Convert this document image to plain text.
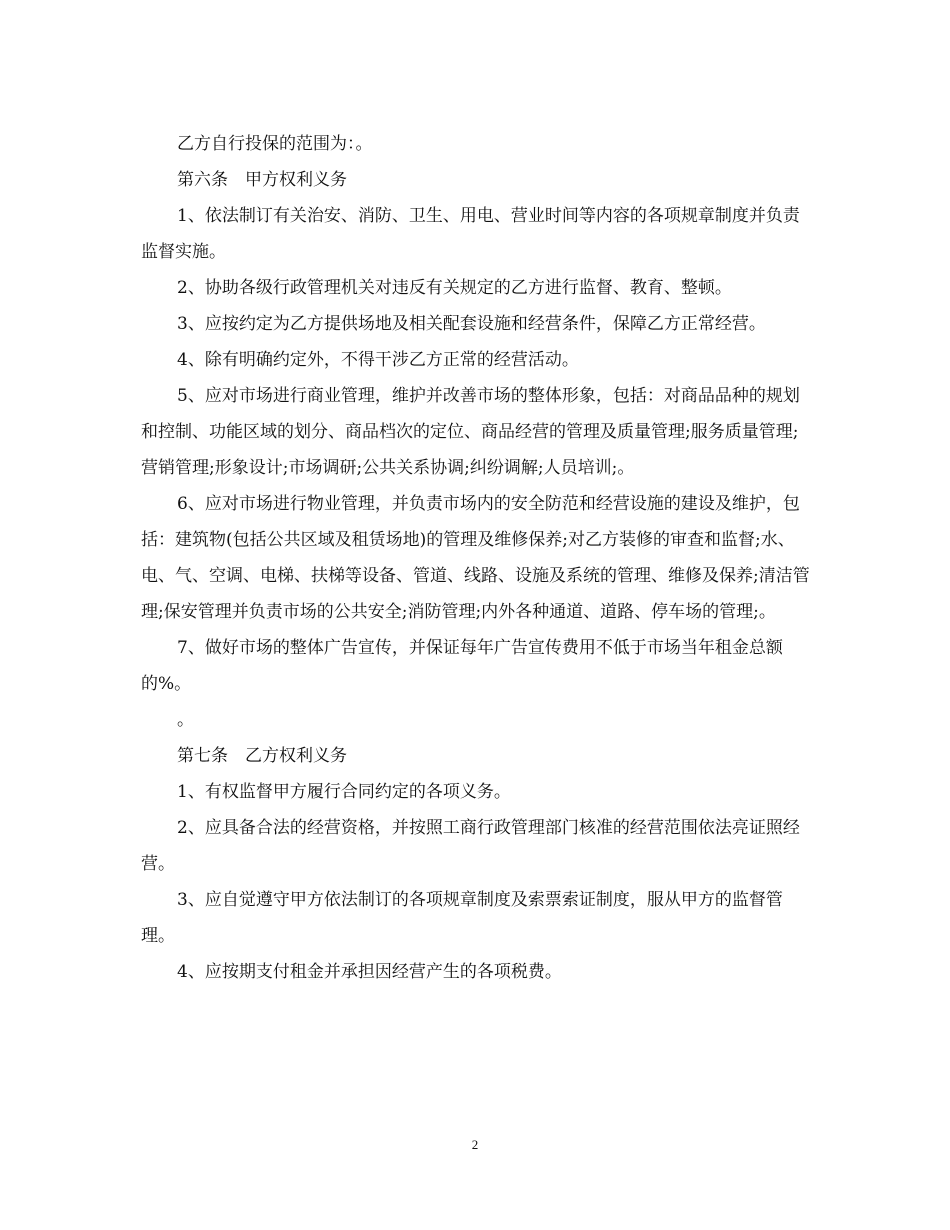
乙方自行投保的范围为：。

第六条　甲方权利义务

1、依法制订有关治安、消防、卫生、用电、营业时间等内容的各项规章制度并负责监督实施。

2、协助各级行政管理机关对违反有关规定的乙方进行监督、教育、整顿。

3、应按约定为乙方提供场地及相关配套设施和经营条件，保障乙方正常经营。

4、除有明确约定外，不得干涉乙方正常的经营活动。

5、应对市场进行商业管理，维护并改善市场的整体形象，包括：对商品品种的规划和控制、功能区域的划分、商品档次的定位、商品经营的管理及质量管理;服务质量管理;营销管理;形象设计;市场调研;公共关系协调;纠纷调解;人员培训;。

6、应对市场进行物业管理，并负责市场内的安全防范和经营设施的建设及维护，包括：建筑物(包括公共区域及租赁场地)的管理及维修保养;对乙方装修的审查和监督;水、电、气、空调、电梯、扶梯等设备、管道、线路、设施及系统的管理、维修及保养;清洁管理;保安管理并负责市场的公共安全;消防管理;内外各种通道、道路、停车场的管理;。

7、做好市场的整体广告宣传，并保证每年广告宣传费用不低于市场当年租金总额的%。

。

第七条　乙方权利义务

1、有权监督甲方履行合同约定的各项义务。

2、应具备合法的经营资格，并按照工商行政管理部门核准的经营范围依法亮证照经营。

3、应自觉遵守甲方依法制订的各项规章制度及索票索证制度，服从甲方的监督管理。

4、应按期支付租金并承担因经营产生的各项税费。

2
